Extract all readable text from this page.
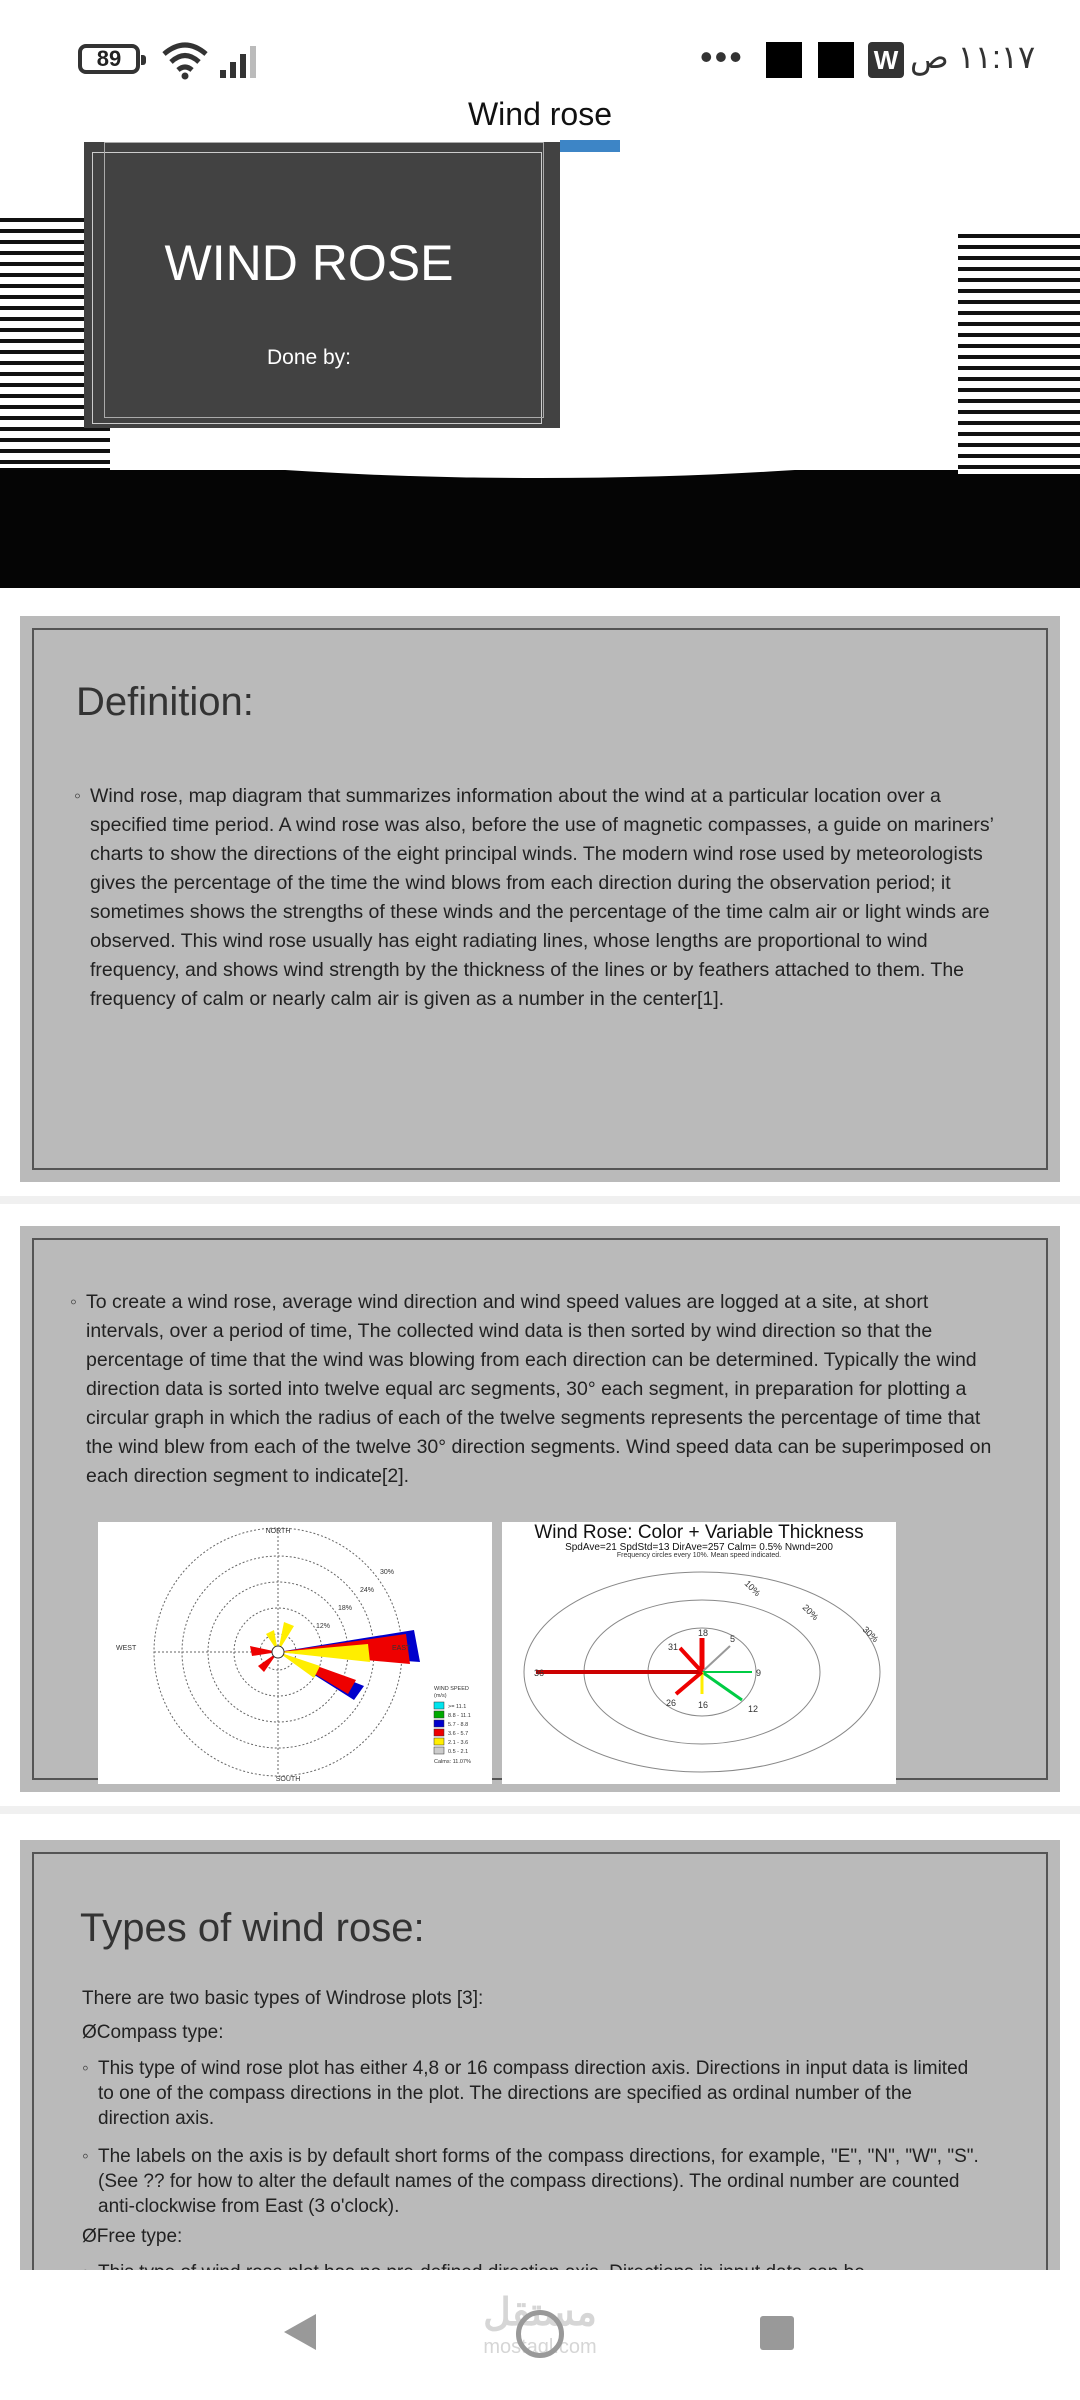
89	•••	W ١١:١٧ ص
Wind rose
WIND ROSE
Done by:
Definition:
◦ Wind rose, map diagram that summarizes information about the wind at a particular location over a specified time period. A wind rose was also, before the use of magnetic compasses, a guide on mariners’ charts to show the directions of the eight principal winds. The modern wind rose used by meteorologists gives the percentage of the time the wind blows from each direction during the observation period; it sometimes shows the strengths of these winds and the percentage of the time calm air or light winds are observed. This wind rose usually has eight radiating lines, whose lengths are proportional to wind frequency, and shows wind strength by the thickness of the lines or by feathers attached to them. The frequency of calm or nearly calm air is given as a number in the center[1].
◦ To create a wind rose, average wind direction and wind speed values are logged at a site, at short intervals, over a period of time, The collected wind data is then sorted by wind direction so that the percentage of time that the wind was blowing from each direction can be determined. Typically the wind direction data is sorted into twelve equal arc segments, 30° each segment, in preparation for plotting a circular graph in which the radius of each of the twelve segments represents the percentage of time that the wind blew from each of the twelve 30° direction segments. Wind speed data can be superimposed on each direction segment to indicate[2].
NORTH
SOUTH
EAST
WEST
30%
24%
18%
12%
WIND SPEED
(m/s)
>= 11.1
8.8 - 11.1
5.7 - 8.8
3.6 - 5.7
2.1 - 3.6
0.5 - 2.1
Calms: 11.07%
Wind Rose: Color + Variable Thickness
SpdAve=21 SpdStd=13 DirAve=257 Calm= 0.5% Nwnd=200
Frequency circles every 10%. Mean speed indicated.
10%
20%
30%
18
5
9
12
16
26
36
31
Types of wind rose:
There are two basic types of Windrose plots [3]:
ØCompass type:
◦ This type of wind rose plot has either 4,8 or 16 compass direction axis. Directions in input data is limited to one of the compass directions in the plot. The directions are specified as ordinal number of the direction axis.
◦ The labels on the axis is by default short forms of the compass directions, for example, "E", "N", "W", "S". (See ?? for how to alter the default names of the compass directions). The ordinal number are counted anti-clockwise from East (3 o'clock).
ØFree type:
◦
مستقل
mostaql.com
